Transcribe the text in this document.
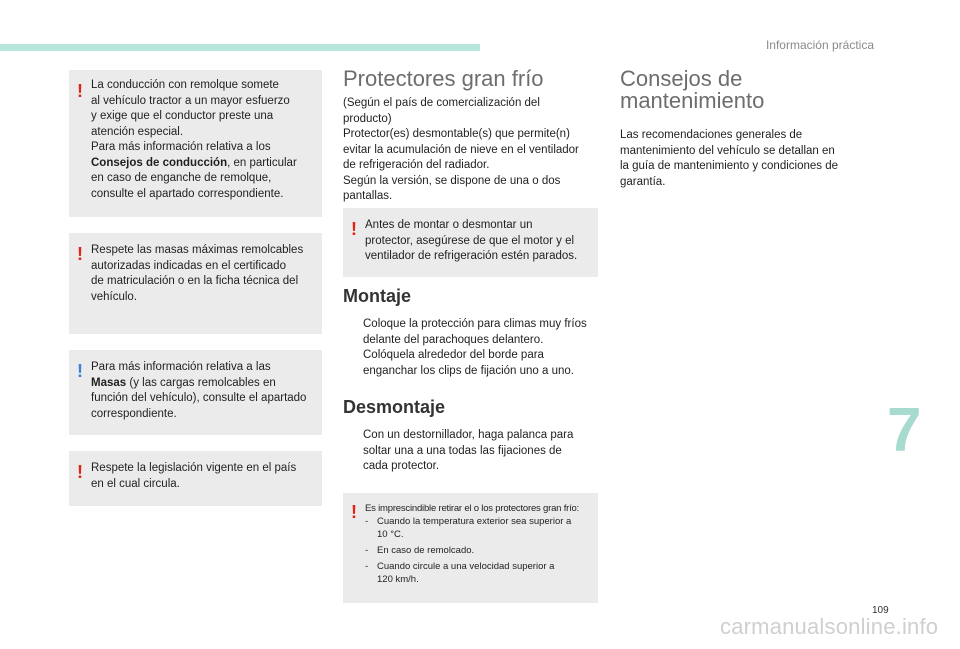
Información práctica
! La conducción con remolque somete

al vehículo tractor a un mayor esfuerzo

y exige que el conductor preste una

atención especial.

Para más información relativa a los

Consejos de conducción, en particular

en caso de enganche de remolque,

consulte el apartado correspondiente.

! Respete las masas máximas remolcables

autorizadas indicadas en el certificado

de matriculación o en la ficha técnica del

vehículo.

! Para más información relativa a las

Masas (y las cargas remolcables en

función del vehículo), consulte el apartado

correspondiente.

! Respete la legislación vigente en el país

en el cual circula.

Protectores gran frío
(Según el país de comercialización del
producto)
Protector(es) desmontable(s) que permite(n)
evitar la acumulación de nieve en el ventilador
de refrigeración del radiador.
Según la versión, se dispone de una o dos
pantallas.
! Antes de montar o desmontar un

protector, asegúrese de que el motor y el

ventilador de refrigeración estén parados.

Montaje
Coloque la protección para climas muy fríos
delante del parachoques delantero.
Colóquela alrededor del borde para
enganchar los clips de fijación uno a uno.
Desmontaje
Con un destornillador, haga palanca para
soltar una a una todas las fijaciones de
cada protector.
! Es imprescindible retirar el o los protectores gran frío:

- Cuando la temperatura exterior sea superior a
10 °C.
- En caso de remolcado.
- Cuando circule a una velocidad superior a
120 km/h.
Consejos de
mantenimiento
Las recomendaciones generales de
mantenimiento del vehículo se detallan en
la guía de mantenimiento y condiciones de
garantía.
7
109
carmanualsonline.info
